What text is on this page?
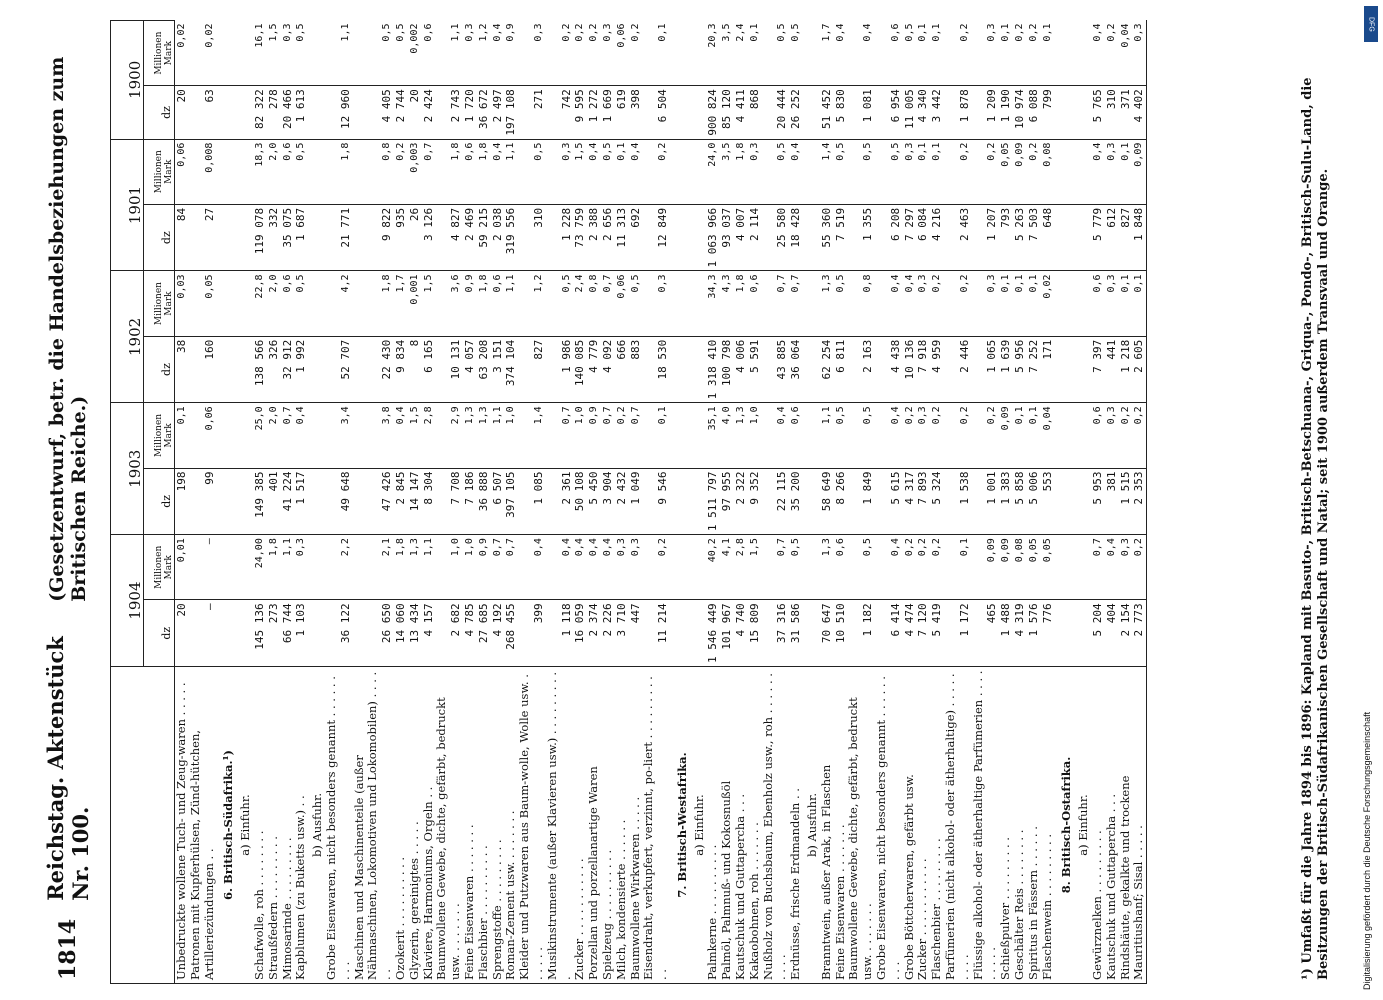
1814
Reichstag. Aktenstück Nr. 100.
(Gesetzentwurf, betr. die Handelsbeziehungen zum Britischen Reiche.)
	1904		1903		1902		1901		1900	
	dz	Millionen Mark	dz	Millionen Mark	dz	Millionen Mark	dz	Millionen Mark	dz	Millionen Mark
Unbedruckte wollene Tuch- und Zeug-waren . . . . .	20	0,01	198	0,1	38	0,03	84	0,06	20	0,02
Patronen mit Kupferhülsen, Zünd-hütchen, Artilleriezündungen . .	—	—	99	0,06	160	0,05	27	0,008	63	0,02
6. Britisch-Südafrika.¹)										
a) Einfuhr.										
Schafwolle, roh . . . . . . . .	145 136	24,00	149 385	25,0	138 566	22,8	119 078	18,3	82 322	16,1
Straußfedern . . . . . . . . .	273	1,8	401	2,0	326	2,0	332	2,0	278	1,5
Mimosarinde . . . . . . . . .	66 744	1,1	41 224	0,7	32 912	0,6	35 075	0,6	20 466	0,3
Kapblumen (zu Buketts usw.) . .	1 103	0,3	1 517	0,4	1 992	0,5	1 687	0,5	1 613	0,5
b) Ausfuhr.										
Grobe Eisenwaren, nicht besonders genannt . . . . . . . . .	36 122	2,2	49 648	3,4	52 707	4,2	21 771	1,8	12 960	1,1
Maschinen und Maschinenteile (außer Nähmaschinen, Lokomotiven und Lokomobilen) . . . . . .	26 650	2,1	47 426	3,8	22 430	1,8	9 822	0,8	4 405	0,5
Ozokerit . . . . . . . . . .	14 060	1,8	2 845	0,4	9 834	1,7	935	0,2	2 744	0,5
Glyzerin, gereinigtes . . . . .	13 434	1,3	14 147	1,5	8	0,001	26	0,003	20	0,002
Klaviere, Harmoniums, Orgeln . .	4 157	1,1	8 304	2,8	6 165	1,5	3 126	0,7	2 424	0,6
Baumwollene Gewebe, dichte, gefärbt, bedruckt usw. . . . . . . .	2 682	1,0	7 708	2,9	10 131	3,6	4 827	1,8	2 743	1,1
Feine Eisenwaren . . . . . . .	4 785	1,0	7 186	1,3	4 057	0,9	2 469	0,6	1 720	0,3
Flaschbier . . . . . . . . . .	27 685	0,9	36 888	1,3	63 208	1,8	59 215	1,8	36 672	1,2
Sprengstoffe . . . . . . . . .	4 192	0,7	6 507	1,1	3 151	0,6	2 038	0,4	2 497	0,4
Roman-Zement usw. . . . . . . .	268 455	0,7	397 105	1,0	374 104	1,1	319 556	1,1	197 108	0,9
Kleider und Putzwaren aus Baum-wolle, Wolle usw. . . . . . .	399	0,4	1 085	1,4	827	1,2	310	0,5	271	0,3
Musikinstrumente (außer Klavieren usw.) . . . . . . . . . .	1 118	0,4	2 361	0,7	1 986	0,5	1 228	0,3	742	0,2
Zucker . . . . . . . . . . .	16 059	0,4	50 108	1,0	140 085	2,4	73 759	1,5	9 595	0,2
Porzellan und porzellanartige Waren	2 374	0,4	5 450	0,9	4 779	0,8	2 388	0,4	1 272	0,2
Spielzeug . . . . . . . . . .	2 226	0,4	3 904	0,7	4 092	0,7	2 656	0,5	1 669	0,3
Milch, kondensierte . . . . . .	3 710	0,3	2 432	0,2	666	0,06	11 313	0,1	619	0,06
Baumwollene Wirkwaren . . . . .	447	0,3	1 049	0,7	883	0,5	692	0,4	398	0,2
Eisendraht, verkupfert, verzinnt, po-liert . . . . . . . . . . .	11 214	0,2	9 546	0,1	18 530	0,3	12 849	0,2	6 504	0,1
7. Britisch-Westafrika.										
a) Einfuhr.										
Palmkerne . . . . . . . . . .	1 546 449	40,2	1 511 797	35,1	1 318 410	34,3	1 063 966	24,0	900 824	20,3
Palmöl, Palmnuß- und Kokosnußöl	101 967	4,1	97 955	4,0	100 798	4,3	93 037	3,5	85 120	3,5
Kautschuk und Guttapercha . . .	4 740	2,8	2 322	1,3	4 006	1,8	4 007	1,8	4 411	2,4
Kakaobohnen, roh . . . . . . .	15 809	1,5	9 352	1,0	5 591	0,6	2 114	0,3	868	0,1
Nußholz von Buchsbaum, Ebenholz usw., roh . . . . . . . . . .	37 316	0,7	22 115	0,4	43 885	0,7	25 580	0,5	20 444	0,5
Erdnüsse, frische Erdmandeln . .	31 586	0,5	35 200	0,6	36 064	0,7	18 428	0,4	26 252	0,5
b) Ausfuhr.										
Branntwein, außer Arak, in Flaschen	70 647	1,3	58 649	1,1	62 254	1,3	55 360	1,4	51 452	1,7
Feine Eisenwaren . . . . . . .	10 510	0,6	8 266	0,5	6 811	0,5	7 519	0,5	5 830	0,4
Baumwollene Gewebe, dichte, gefärbt, bedruckt usw. . . . . . . .	1 182	0,5	1 849	0,5	2 163	0,8	1 355	0,5	1 081	0,4
Grobe Eisenwaren, nicht besonders genannt . . . . . . . . .	6 414	0,4	5 615	0,4	4 438	0,4	6 208	0,5	6 954	0,6
Grobe Böttcherwaren, gefärbt usw.	4 474	0,2	4 317	0,2	10 136	0,4	7 297	0,3	11 005	0,5
Zucker . . . . . . . . . . .	7 120	0,2	7 893	0,3	7 918	0,3	6 084	0,1	4 340	0,1
Flaschenbier . . . . . . . . .	5 419	0,2	5 324	0,2	4 959	0,2	4 216	0,1	3 442	0,1
Parfümerien (nicht alkohol- oder ätherhaltige) . . . . . . . . .	1 172	0,1	1 538	0,2	2 446	0,2	2 463	0,2	1 878	0,2
Flüssige alkohol- oder ätherhaltige Parfümerien . . . . . . . . .	465	0,09	1 001	0,2	1 065	0,3	1 207	0,2	1 209	0,3
Schießpulver . . . . . . . . .	1 488	0,09	1 383	0,09	1 639	0,1	793	0,05	1 190	0,1
Geschälter Reis . . . . . . . .	4 319	0,08	5 858	0,1	5 956	0,1	5 263	0,09	10 974	0,2
Spiritus in Fässern . . . . . .	1 576	0,05	5 006	0,1	7 252	0,1	7 503	0,2	6 088	0,2
Flaschenwein . . . . . . . . .	776	0,05	553	0,04	171	0,02	648	0,08	799	0,1
8. Britisch-Ostafrika.										
a) Einfuhr.										
Gewürznelken . . . . . . . . .	5 204	0,7	5 953	0,6	7 397	0,6	5 779	0,4	5 765	0,4
Kautschuk und Guttapercha . . .	404	0,4	381	0,3	441	0,3	612	0,3	310	0,2
Rindshäute, gekalkte und trockene	2 154	0,3	1 515	0,2	1 218	0,1	827	0,1	371	0,04
Mauritiushanf; Sisal . . . . .	2 773	0,2	2 353	0,2	2 605	0,1	1 848	0,09	4 402	0,3
¹) Umfaßt für die Jahre 1894 bis 1896: Kapland mit Basuto-, Britisch-Betschuana-, Griqua-, Pondo-, Britisch-Sulu-Land, die Besitzungen der Britisch-Südafrikanischen Gesellschaft und Natal; seit 1900 außerdem Transvaal und Orange.
DFG
Digitalisierung gefördert durch die Deutsche Forschungsgemeinschaft
